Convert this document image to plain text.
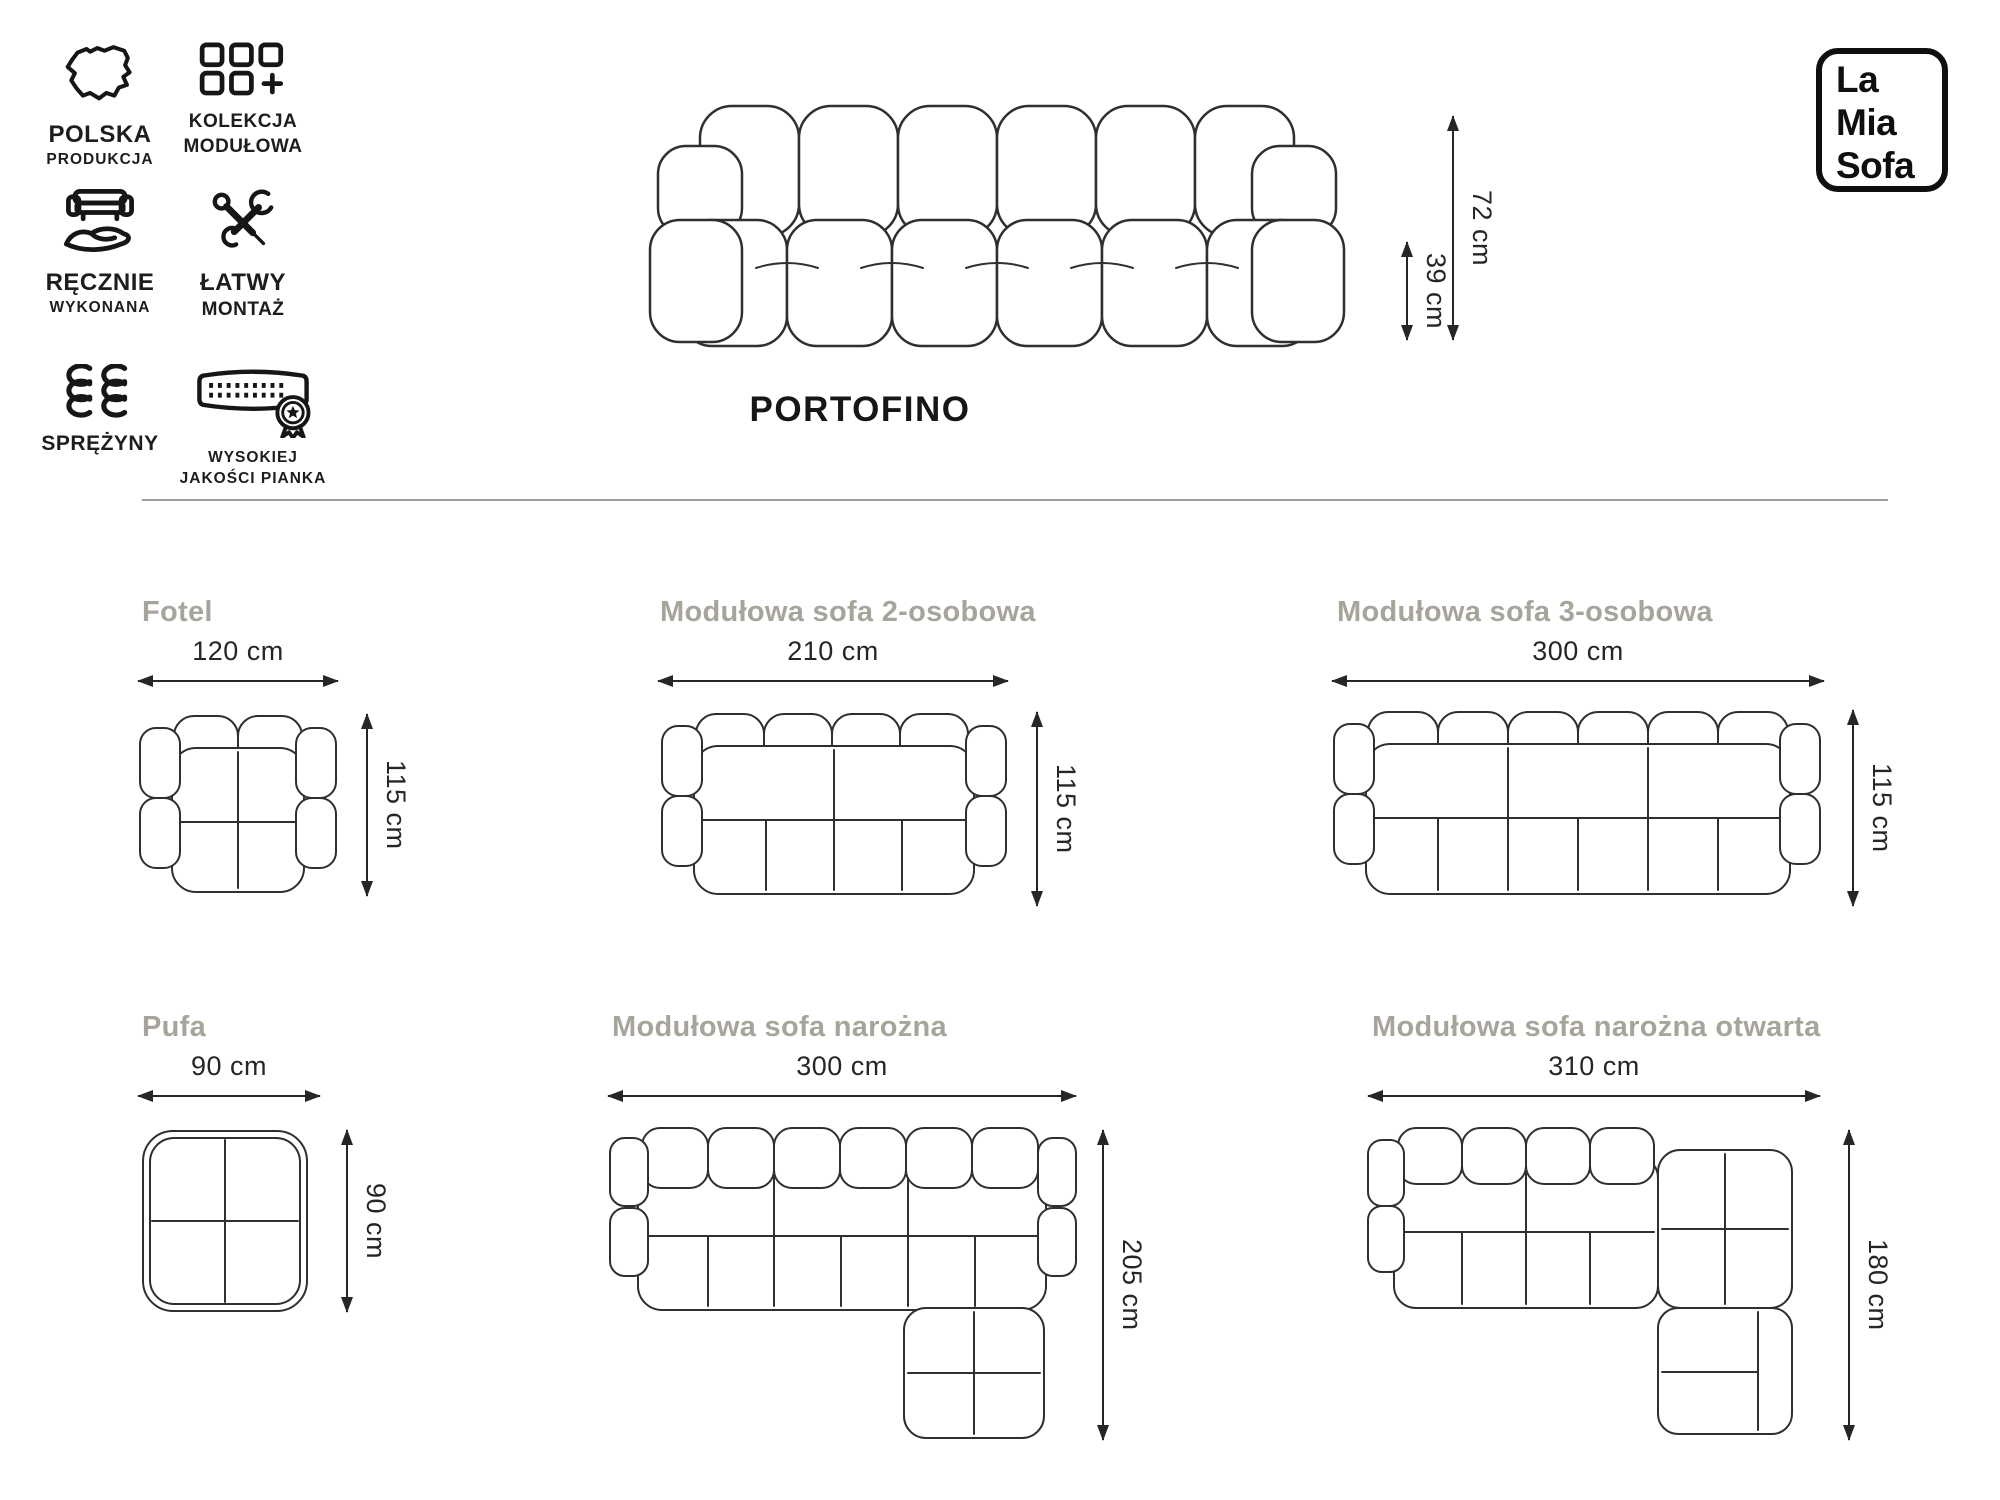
POLSKA
PRODUKCJA
KOLEKCJA
MODUŁOWA
RĘCZNIE
WYKONANA
ŁATWY
MONTAŻ
SPRĘŻYNY
WYSOKIEJ
JAKOŚCI PIANKA
La
Mia
Sofa
72 cm
39 cm
PORTOFINO
Fotel
120 cm
115 cm
Modułowa sofa 2-osobowa
210 cm
115 cm
Modułowa sofa 3-osobowa
300 cm
115 cm
Pufa
90 cm
90 cm
Modułowa sofa narożna
300 cm
205 cm
Modułowa sofa narożna otwarta
310 cm
180 cm
